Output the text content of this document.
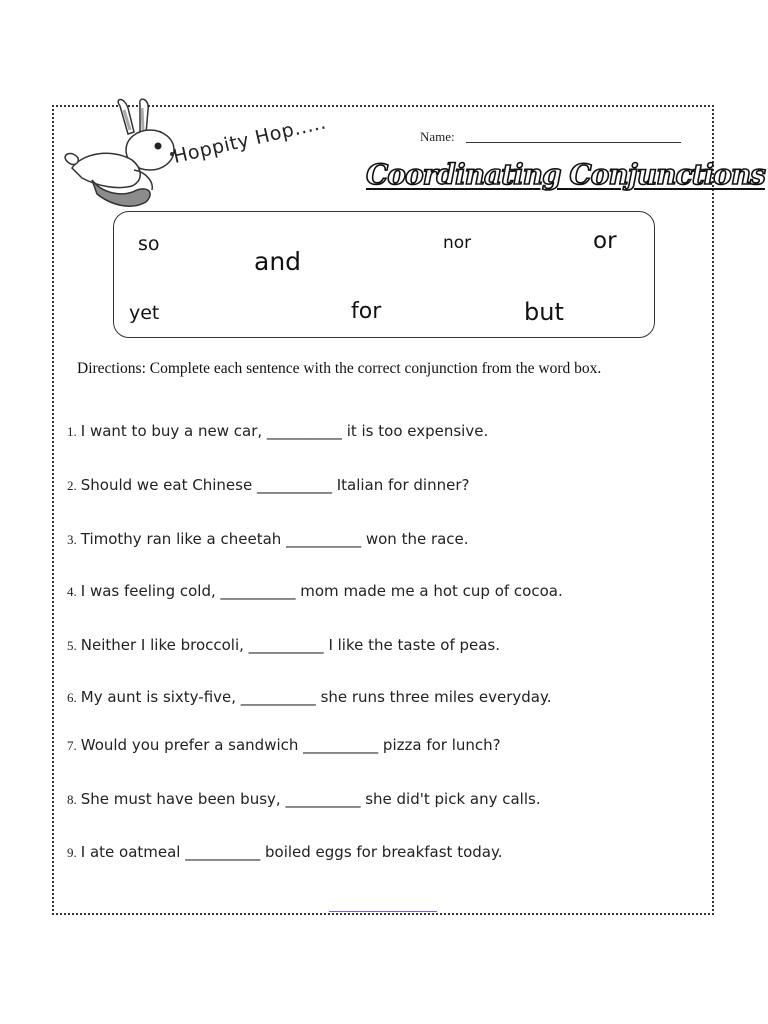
Hoppity Hop.....	Name:
Coordinating Conjunctions
so
and
nor	or
yet	for	but
Directions: Complete each sentence with the correct conjunction from the word box.
1. I want to buy a new car, __________ it is too expensive.
2. Should we eat Chinese __________ Italian for dinner?
3. Timothy ran like a cheetah __________ won the race.
4. I was feeling cold, __________ mom made me a hot cup of cocoa.
5. Neither I like broccoli, __________ I like the taste of peas.
6. My aunt is sixty-five, __________ she runs three miles everyday.
7. Would you prefer a sandwich __________ pizza for lunch?
8. She must have been busy, __________ she did't pick any calls.
9. I ate oatmeal __________ boiled eggs for breakfast today.
